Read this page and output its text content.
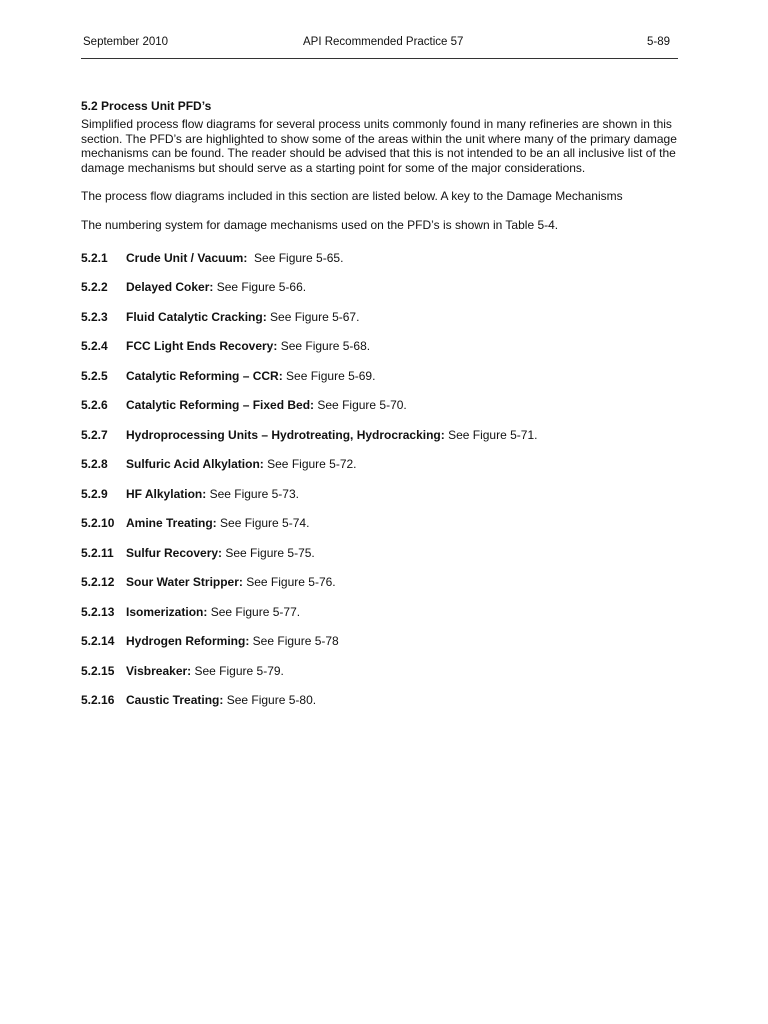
September 2010	API Recommended Practice 57	5-89
5.2 Process Unit PFD’s

Simplified process flow diagrams for several process units commonly found in many refineries are shown in this section. The PFD’s are highlighted to show some of the areas within the unit where many of the primary damage mechanisms can be found. The reader should be advised that this is not intended to be an all inclusive list of the damage mechanisms but should serve as a starting point for some of the major considerations.

The process flow diagrams included in this section are listed below. A key to the Damage Mechanisms

The numbering system for damage mechanisms used on the PFD’s is shown in Table 5-4.

5.2.1 Crude Unit / Vacuum:  See Figure 5-65.
5.2.2 Delayed Coker: See Figure 5-66.
5.2.3 Fluid Catalytic Cracking: See Figure 5-67.
5.2.4 FCC Light Ends Recovery: See Figure 5-68.
5.2.5 Catalytic Reforming – CCR: See Figure 5-69.
5.2.6 Catalytic Reforming – Fixed Bed: See Figure 5-70.
5.2.7 Hydroprocessing Units – Hydrotreating, Hydrocracking: See Figure 5-71.
5.2.8 Sulfuric Acid Alkylation: See Figure 5-72.
5.2.9 HF Alkylation: See Figure 5-73.
5.2.10 Amine Treating: See Figure 5-74.
5.2.11 Sulfur Recovery: See Figure 5-75.
5.2.12 Sour Water Stripper: See Figure 5-76.
5.2.13 Isomerization: See Figure 5-77.
5.2.14 Hydrogen Reforming: See Figure 5-78
5.2.15 Visbreaker: See Figure 5-79.
5.2.16 Caustic Treating: See Figure 5-80.
